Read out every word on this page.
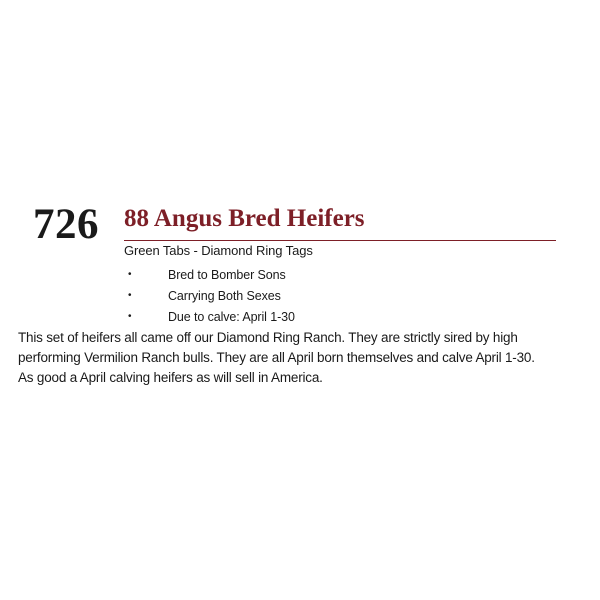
726 88 Angus Bred Heifers
Green Tabs - Diamond Ring Tags
•	Bred to Bomber Sons
•	Carrying Both Sexes
•	Due to calve: April 1-30
This set of heifers all came off our Diamond Ring Ranch. They are strictly sired by high
performing Vermilion Ranch bulls. They are all April born themselves and calve April 1-30.
As good a April calving heifers as will sell in America.
